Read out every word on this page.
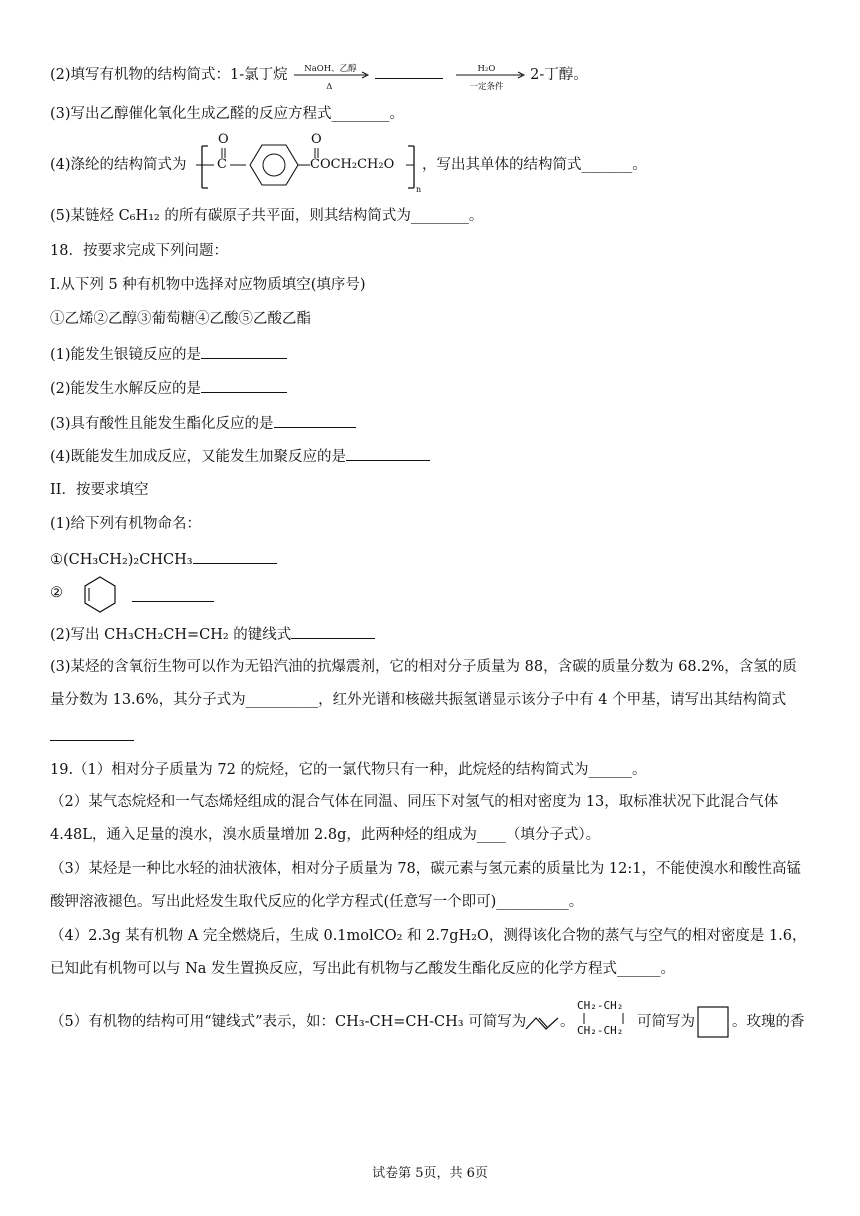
(2)填写有机物的结构简式：1-氯丁烷 NaOH、乙醇
Δ

H₂O
一定条件
2-丁醇。
(3)写出乙醇催化氧化生成乙醛的反应方程式________。
(4)涤纶的结构简式为
O
C
O
COCH₂CH₂O
n
，写出其单体的结构简式_______。
(5)某链烃 C₆H₁₂ 的所有碳原子共平面，则其结构简式为________。
18．按要求完成下列问题：
I.从下列 5 种有机物中选择对应物质填空(填序号)
①乙烯②乙醇③葡萄糖④乙酸⑤乙酸乙酯
(1)能发生银镜反应的是
(2)能发生水解反应的是
(3)具有酸性且能发生酯化反应的是
(4)既能发生加成反应，又能发生加聚反应的是
II．按要求填空
(1)给下列有机物命名：
①(CH₃CH₂)₂CHCH₃
②
(2)写出 CH₃CH₂CH=CH₂ 的键线式
(3)某烃的含氧衍生物可以作为无铅汽油的抗爆震剂，它的相对分子质量为 88，含碳的质量分数为 68.2%，含氢的质量分数为 13.6%，其分子式为__________，红外光谱和核磁共振氢谱显示该分子中有 4 个甲基，请写出其结构简式
19.（1）相对分子质量为 72 的烷烃，它的一氯代物只有一种，此烷烃的结构简式为______。
（2）某气态烷烃和一气态烯烃组成的混合气体在同温、同压下对氢气的相对密度为 13，取标准状况下此混合气体 4.48L，通入足量的溴水，溴水质量增加 2.8g，此两种烃的组成为____（填分子式）。
（3）某烃是一种比水轻的油状液体，相对分子质量为 78，碳元素与氢元素的质量比为 12:1，不能使溴水和酸性高锰酸钾溶液褪色。写出此烃发生取代反应的化学方程式(任意写一个即可)__________。
（4）2.3g 某有机物 A 完全燃烧后，生成 0.1molCO₂ 和 2.7gH₂O，测得该化合物的蒸气与空气的相对密度是 1.6，已知此有机物可以与 Na 发生置换反应，写出此有机物与乙酸发生酯化反应的化学方程式______。
（5）有机物的结构可用“键线式”表示，如：CH₃-CH=CH-CH₃ 可简写为 。
CH₂-CH₂
CH₂-CH₂
可简写为	。玫瑰的香
试卷第 5页，共 6页
